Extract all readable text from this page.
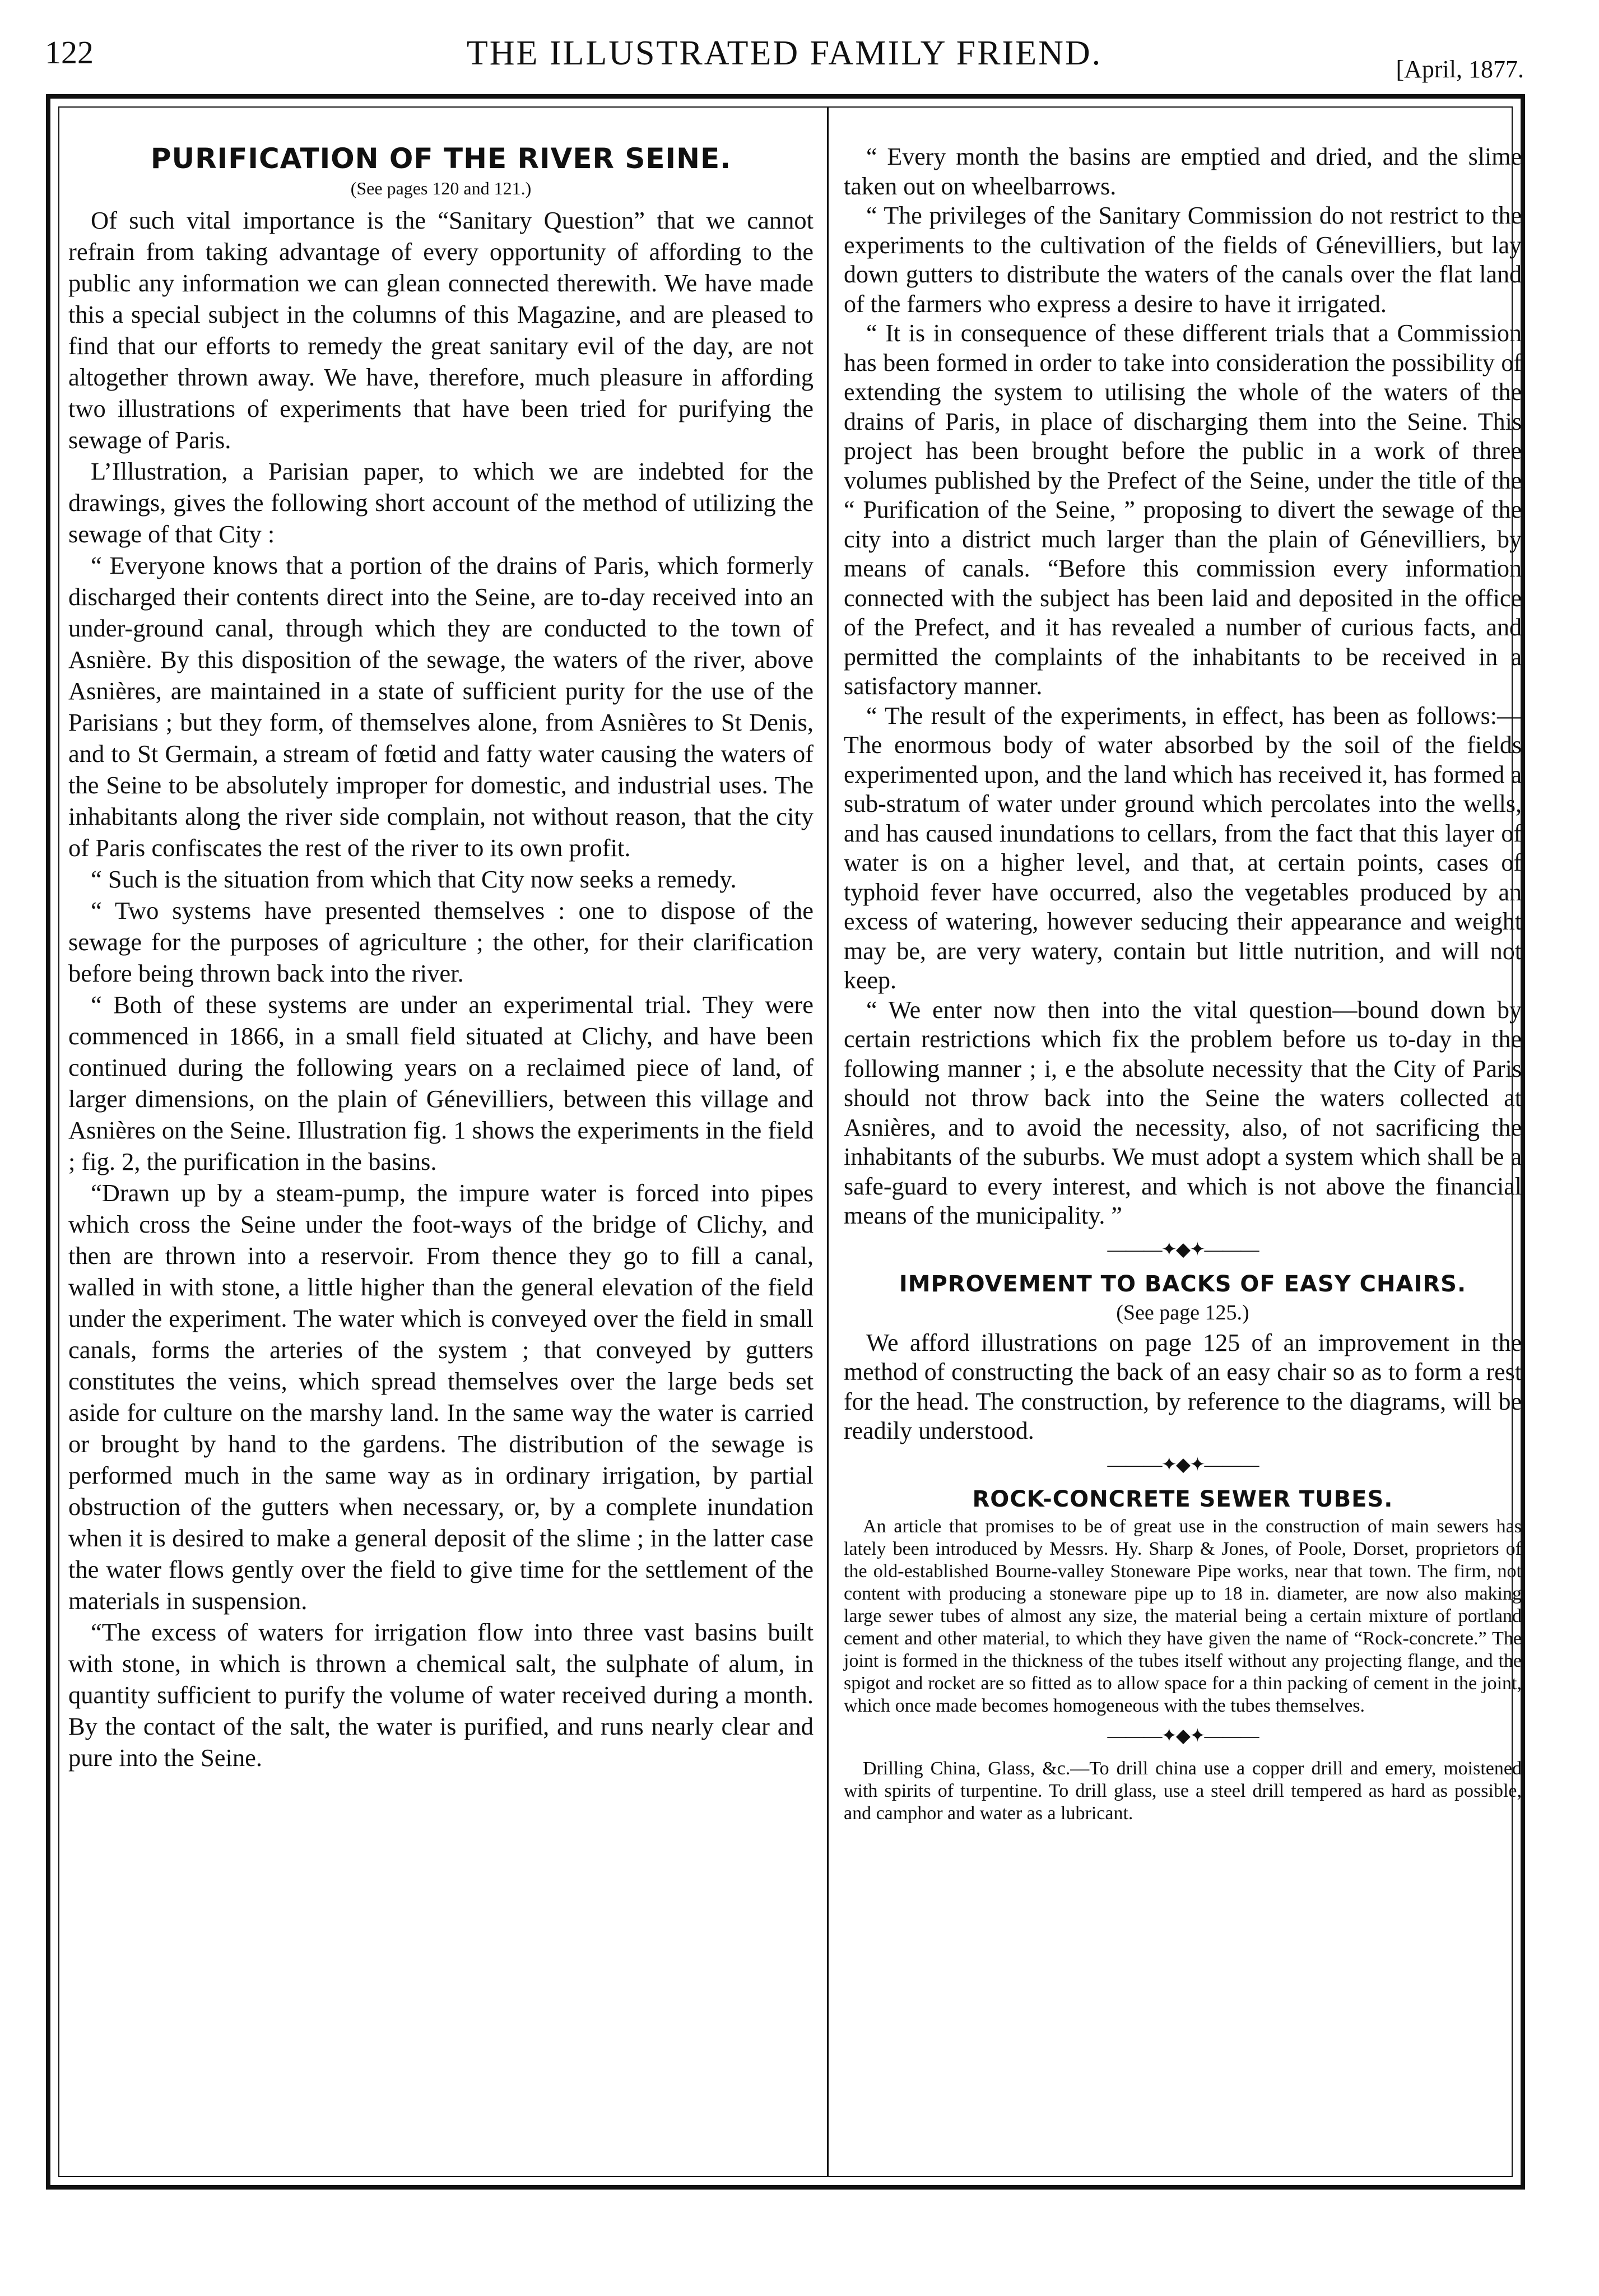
122	THE ILLUSTRATED FAMILY FRIEND.	[April, 1877.
PURIFICATION OF THE RIVER SEINE.
(See pages 120 and 121.)

Of such vital importance is the “Sanitary Question” that we cannot refrain from taking advantage of every opportunity of affording to the public any information we can glean connected therewith. We have made this a special subject in the columns of this Magazine, and are pleased to find that our efforts to remedy the great sanitary evil of the day, are not altogether thrown away. We have, therefore, much pleasure in affording two illustrations of experiments that have been tried for purifying the sewage of Paris.

L’Illustration, a Parisian paper, to which we are indebted for the drawings, gives the following short account of the method of utilizing the sewage of that City :

“ Everyone knows that a portion of the drains of Paris, which formerly discharged their contents direct into the Seine, are to-day received into an under-ground canal, through which they are conducted to the town of Asnière. By this disposition of the sewage, the waters of the river, above Asnières, are maintained in a state of sufficient purity for the use of the Parisians ; but they form, of themselves alone, from Asnières to St Denis, and to St Germain, a stream of fœtid and fatty water causing the waters of the Seine to be absolutely improper for domestic, and industrial uses. The inhabitants along the river side complain, not without reason, that the city of Paris confiscates the rest of the river to its own profit.

“ Such is the situation from which that City now seeks a remedy.

“ Two systems have presented themselves : one to dispose of the sewage for the purposes of agriculture ; the other, for their clarification before being thrown back into the river.

“ Both of these systems are under an experimental trial. They were commenced in 1866, in a small field situated at Clichy, and have been continued during the following years on a reclaimed piece of land, of larger dimensions, on the plain of Génevilliers, between this village and Asnières on the Seine. Illustration fig. 1 shows the experiments in the field ; fig. 2, the purification in the basins.

“Drawn up by a steam-pump, the impure water is forced into pipes which cross the Seine under the foot-ways of the bridge of Clichy, and then are thrown into a reservoir. From thence they go to fill a canal, walled in with stone, a little higher than the general elevation of the field under the experiment. The water which is conveyed over the field in small canals, forms the arteries of the system ; that conveyed by gutters constitutes the veins, which spread themselves over the large beds set aside for culture on the marshy land. In the same way the water is carried or brought by hand to the gardens. The distribution of the sewage is performed much in the same way as in ordinary irrigation, by partial obstruction of the gutters when necessary, or, by a complete inundation when it is desired to make a general deposit of the slime ; in the latter case the water flows gently over the field to give time for the settlement of the materials in suspension.

“The excess of waters for irrigation flow into three vast basins built with stone, in which is thrown a chemical salt, the sulphate of alum, in quantity sufficient to purify the volume of water received during a month. By the contact of the salt, the water is purified, and runs nearly clear and pure into the Seine.

“ Every month the basins are emptied and dried, and the slime taken out on wheelbarrows.

“ The privileges of the Sanitary Commission do not restrict to the experiments to the cultivation of the fields of Génevilliers, but lay down gutters to distribute the waters of the canals over the flat land of the farmers who express a desire to have it irrigated.

“ It is in consequence of these different trials that a Commission has been formed in order to take into consideration the possibility of extending the system to utilising the whole of the waters of the drains of Paris, in place of discharging them into the Seine. This project has been brought before the public in a work of three volumes published by the Prefect of the Seine, under the title of the “ Purification of the Seine, ” proposing to divert the sewage of the city into a district much larger than the plain of Génevilliers, by means of canals. “Before this commission every information connected with the subject has been laid and deposited in the office of the Prefect, and it has revealed a number of curious facts, and permitted the complaints of the inhabitants to be received in a satisfactory manner.

“ The result of the experiments, in effect, has been as follows:—The enormous body of water absorbed by the soil of the fields experimented upon, and the land which has received it, has formed a sub-stratum of water under ground which percolates into the wells, and has caused inundations to cellars, from the fact that this layer of water is on a higher level, and that, at certain points, cases of typhoid fever have occurred, also the vegetables produced by an excess of watering, however seducing their appearance and weight may be, are very watery, contain but little nutrition, and will not keep.

“ We enter now then into the vital question—bound down by certain restrictions which fix the problem before us to-day in the following manner ; i, e the absolute necessity that the City of Paris should not throw back into the Seine the waters collected at Asnières, and to avoid the necessity, also, of not sacrificing the inhabitants of the suburbs. We must adopt a system which shall be a safe-guard to every interest, and which is not above the financial means of the municipality. ”

———✦◆✦———
IMPROVEMENT TO BACKS OF EASY CHAIRS.
(See page 125.)

We afford illustrations on page 125 of an improvement in the method of constructing the back of an easy chair so as to form a rest for the head. The construction, by reference to the diagrams, will be readily understood.

———✦◆✦———
ROCK-CONCRETE SEWER TUBES.

An article that promises to be of great use in the construction of main sewers has lately been introduced by Messrs. Hy. Sharp & Jones, of Poole, Dorset, proprietors of the old-established Bourne-valley Stoneware Pipe works, near that town. The firm, not content with producing a stoneware pipe up to 18 in. diameter, are now also making large sewer tubes of almost any size, the material being a certain mixture of portland cement and other material, to which they have given the name of “Rock-concrete.” The joint is formed in the thickness of the tubes itself without any projecting flange, and the spigot and rocket are so fitted as to allow space for a thin packing of cement in the joint, which once made becomes homogeneous with the tubes themselves.

———✦◆✦———

Drilling China, Glass, &c.—To drill china use a copper drill and emery, moistened with spirits of turpentine. To drill glass, use a steel drill tempered as hard as possible, and camphor and water as a lubricant.
